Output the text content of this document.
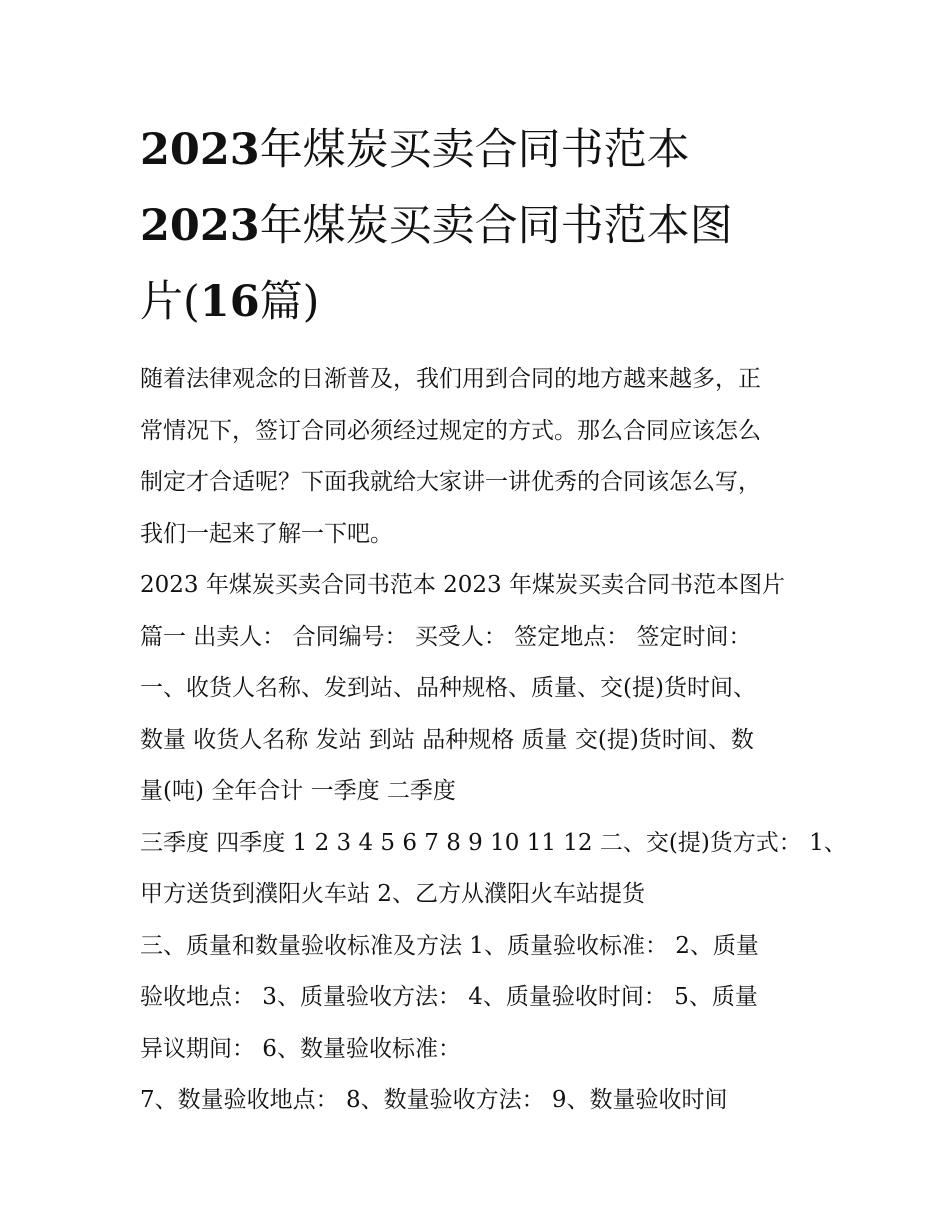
2023年煤炭买卖合同书范本
2023年煤炭买卖合同书范本图
片(16篇)

随着法律观念的日渐普及，我们用到合同的地方越来越多，正
常情况下，签订合同必须经过规定的方式。那么合同应该怎么
制定才合适呢？下面我就给大家讲一讲优秀的合同该怎么写，
我们一起来了解一下吧。

2023 年煤炭买卖合同书范本 2023 年煤炭买卖合同书范本图片
篇一 出卖人： 合同编号： 买受人： 签定地点： 签定时间：
一、收货人名称、发到站、品种规格、质量、交(提)货时间、
数量 收货人名称 发站 到站 品种规格 质量 交(提)货时间、数
量(吨) 全年合计 一季度 二季度

三季度 四季度 1 2 3 4 5 6 7 8 9 10 11 12 二、交(提)货方式： 1、
甲方送货到濮阳火车站 2、乙方从濮阳火车站提货

三、质量和数量验收标准及方法 1、质量验收标准： 2、质量
验收地点： 3、质量验收方法： 4、质量验收时间： 5、质量
异议期间： 6、数量验收标准：

7、数量验收地点： 8、数量验收方法： 9、数量验收时间
